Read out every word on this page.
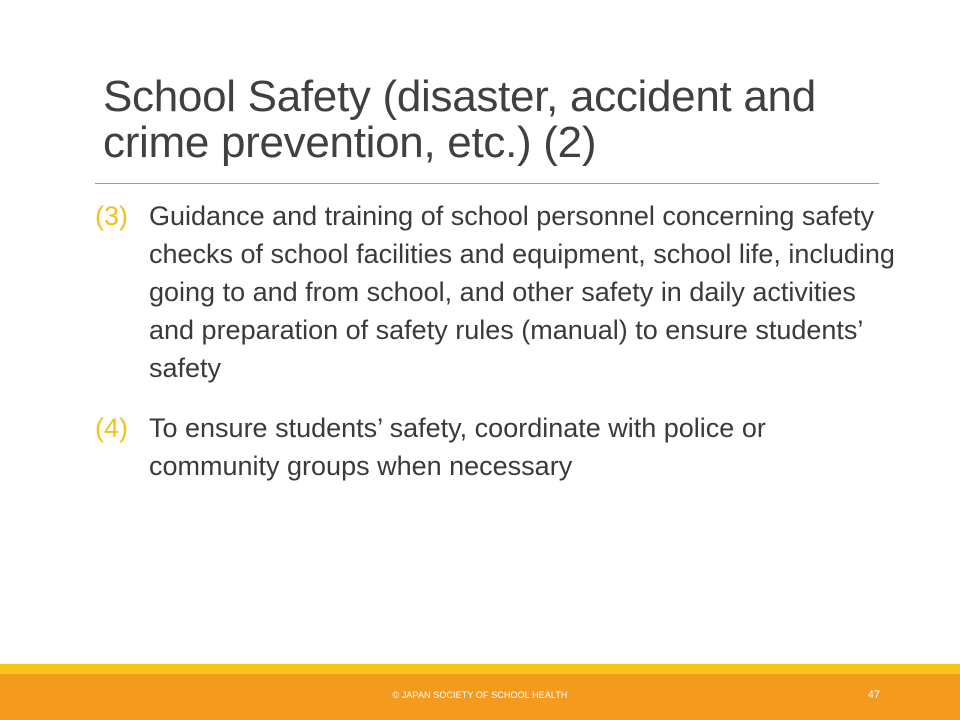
School Safety (disaster, accident and crime prevention, etc.) (2)
(3) Guidance and training of school personnel concerning safety checks of school facilities and equipment, school life, including going to and from school, and other safety in daily activities and preparation of safety rules (manual) to ensure students’ safety
(4) To ensure students’ safety, coordinate with police or community groups when necessary
© JAPAN SOCIETY OF SCHOOL HEALTH	47
